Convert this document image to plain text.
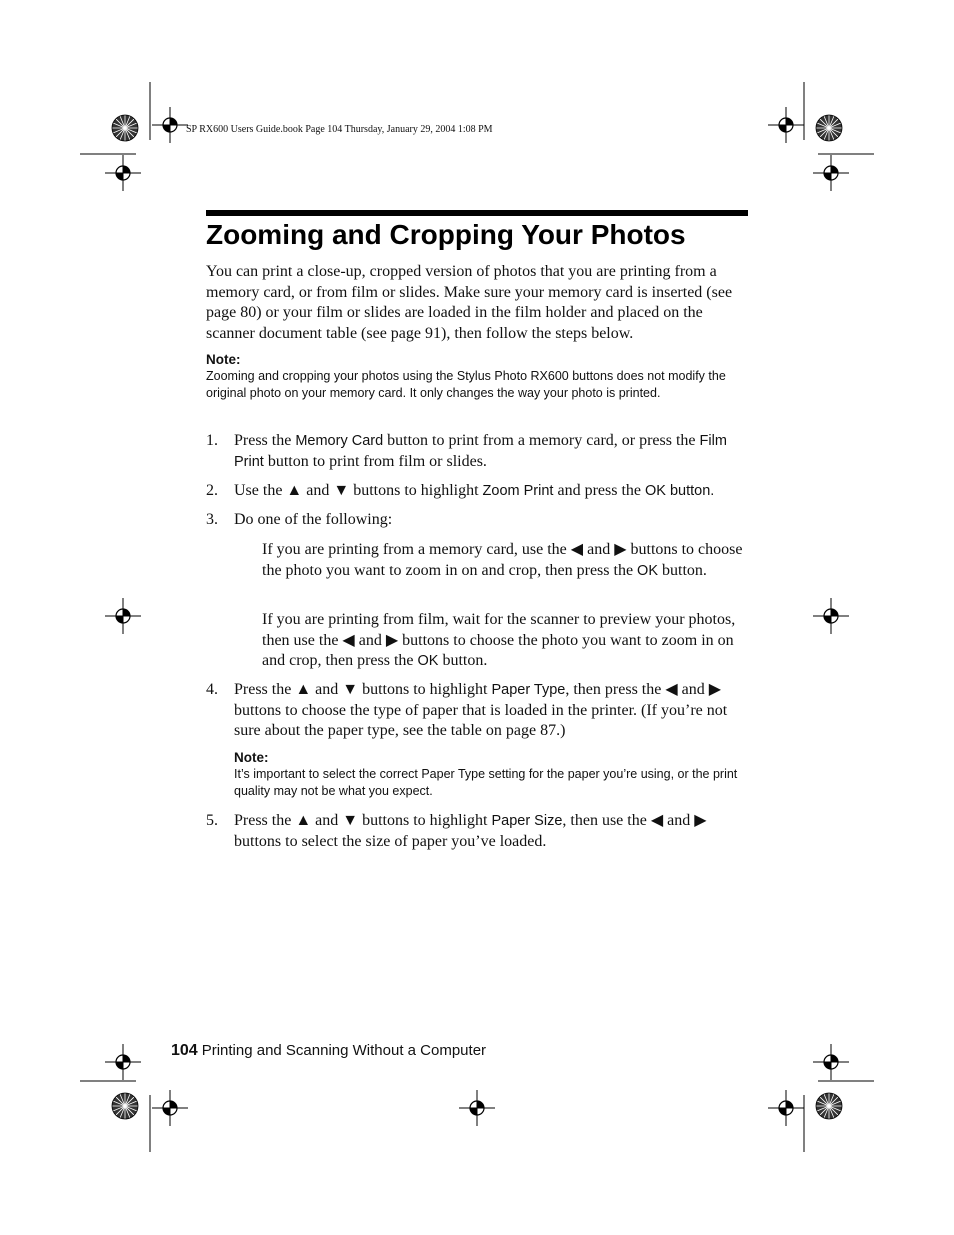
SP RX600 Users Guide.book Page 104 Thursday, January 29, 2004 1:08 PM
Zooming and Cropping Your Photos

You can print a close-up, cropped version of photos that you are printing from a memory card, or from film or slides. Make sure your memory card is inserted (see page 80) or your film or slides are loaded in the film holder and placed on the scanner document table (see page 91), then follow the steps below.

Note:

Zooming and cropping your photos using the Stylus Photo RX600 buttons does not modify the original photo on your memory card. It only changes the way your photo is printed.

1. Press the Memory Card button to print from a memory card, or press the Film Print button to print from film or slides.

2. Use the ▲ and ▼ buttons to highlight Zoom Print and press the OK button.

3. Do one of the following:

If you are printing from a memory card, use the ◀ and ▶ buttons to choose the photo you want to zoom in on and crop, then press the OK button.

If you are printing from film, wait for the scanner to preview your photos, then use the ◀ and ▶ buttons to choose the photo you want to zoom in on and crop, then press the OK button.

4. Press the ▲ and ▼ buttons to highlight Paper Type, then press the ◀ and ▶ buttons to choose the type of paper that is loaded in the printer. (If you’re not sure about the paper type, see the table on page 87.)

Note:

It’s important to select the correct Paper Type setting for the paper you’re using, or the print quality may not be what you expect.

5. Press the ▲ and ▼ buttons to highlight Paper Size, then use the ◀ and ▶ buttons to select the size of paper you’ve loaded.

104 Printing and Scanning Without a Computer
